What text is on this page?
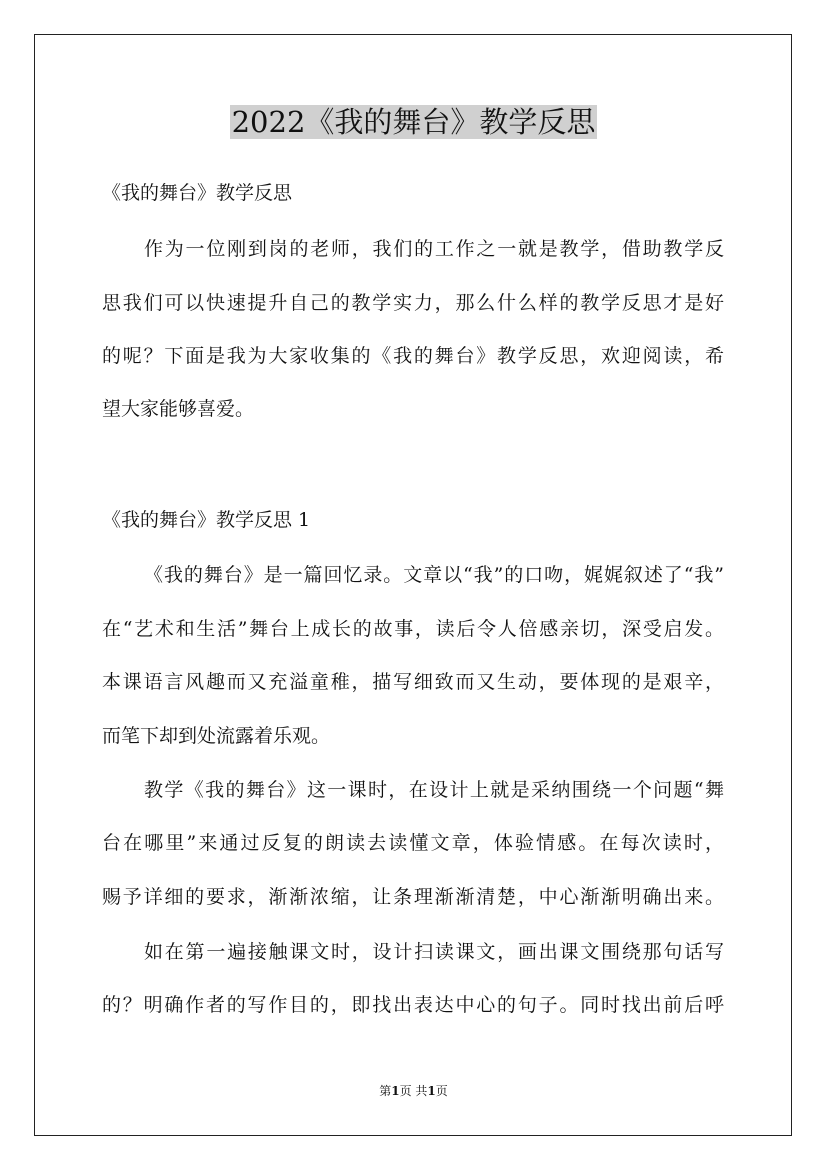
2022《我的舞台》教学反思

《我的舞台》教学反思

作为一位刚到岗的老师，我们的工作之一就是教学，借助教学反

思我们可以快速提升自己的教学实力，那么什么样的教学反思才是好

的呢？下面是我为大家收集的《我的舞台》教学反思，欢迎阅读，希

望大家能够喜爱。

《我的舞台》教学反思 1

《我的舞台》是一篇回忆录。文章以“我”的口吻，娓娓叙述了“我”

在“艺术和生活”舞台上成长的故事，读后令人倍感亲切，深受启发。

本课语言风趣而又充溢童稚，描写细致而又生动，要体现的是艰辛，

而笔下却到处流露着乐观。

教学《我的舞台》这一课时，在设计上就是采纳围绕一个问题“舞

台在哪里”来通过反复的朗读去读懂文章，体验情感。在每次读时，

赐予详细的要求，渐渐浓缩，让条理渐渐清楚，中心渐渐明确出来。

如在第一遍接触课文时，设计扫读课文，画出课文围绕那句话写

的？明确作者的写作目的，即找出表达中心的句子。同时找出前后呼

第1页 共1页
